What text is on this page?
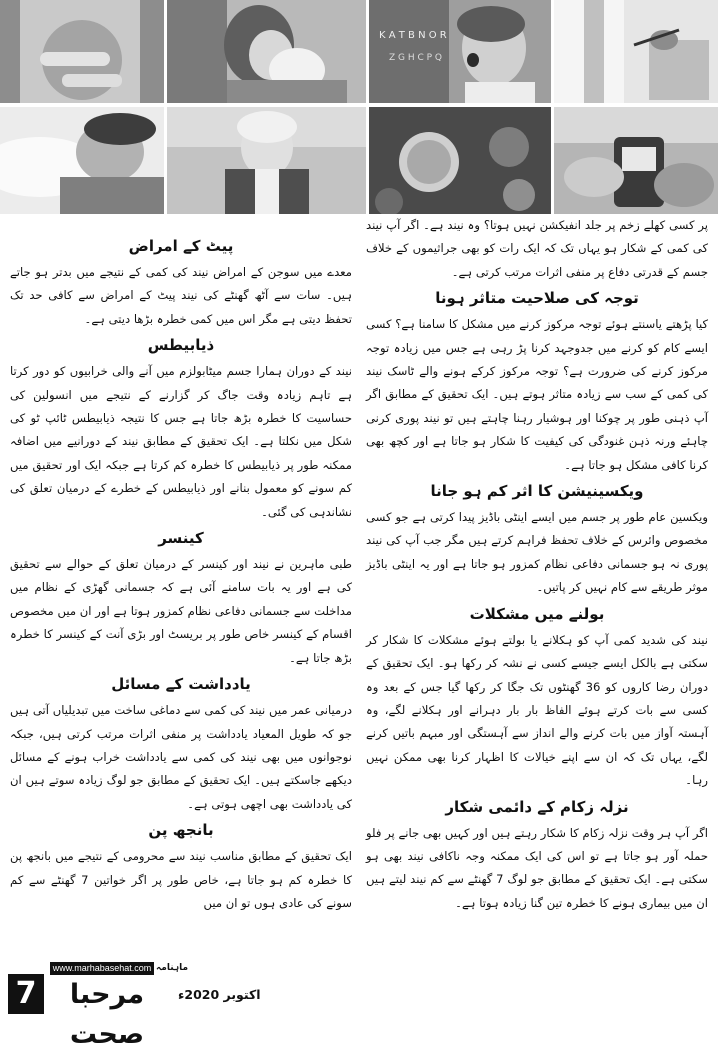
K A T B N O R
Z G H C P Q

پر کسی کھلے زخم پر جلد انفیکشن نہیں ہوتا؟ وہ نیند ہے۔ اگر آپ نیند کی کمی کے شکار ہو یہاں تک کہ ایک رات کو بھی جراثیموں کے خلاف جسم کے قدرتی دفاع پر منفی اثرات مرتب کرتی ہے۔

توجہ کی صلاحیت متاثر ہونا

کیا پڑھتے یاسنتے ہوئے توجہ مرکوز کرنے میں مشکل کا سامنا ہے؟ کسی ایسے کام کو کرنے میں جدوجہد کرنا پڑ رہی ہے جس میں زیادہ توجہ مرکوز کرنے کی ضرورت ہے؟ توجہ مرکوز کرکے ہونے والے ٹاسک نیند کی کمی کے سب سے زیادہ متاثر ہوتے ہیں۔ ایک تحقیق کے مطابق اگر آپ ذہنی طور پر چوکنا اور ہوشیار رہنا چاہتے ہیں تو نیند پوری کرنی چاہئے ورنہ ذہن غنودگی کی کیفیت کا شکار ہو جاتا ہے اور کچھ بھی کرنا کافی مشکل ہو جاتا ہے۔

ویکسینیشن کا اثر کم ہو جانا

ویکسین عام طور پر جسم میں ایسے اینٹی باڈیز پیدا کرتی ہے جو کسی مخصوص وائرس کے خلاف تحفظ فراہم کرتے ہیں مگر جب آپ کی نیند پوری نہ ہو جسمانی دفاعی نظام کمزور ہو جاتا ہے اور یہ اینٹی باڈیز موثر طریقے سے کام نہیں کر پاتیں۔

بولنے میں مشکلات

نیند کی شدید کمی آپ کو ہکلانے یا بولتے ہوئے مشکلات کا شکار کر سکتی ہے بالکل ایسے جیسے کسی نے نشہ کر رکھا ہو۔ ایک تحقیق کے دوران رضا کاروں کو 36 گھنٹوں تک جگا کر رکھا گیا جس کے بعد وہ کسی سے بات کرتے ہوئے الفاظ بار بار دہرانے اور ہکلانے لگے، وہ آہستہ آواز میں بات کرنے والے انداز سے آہستگی اور مبہم باتیں کرنے لگے، یہاں تک کہ ان سے اپنے خیالات کا اظہار کرنا بھی ممکن نہیں رہا۔

نزلہ زکام کے دائمی شکار

اگر آپ ہر وقت نزلہ زکام کا شکار رہتے ہیں اور کہیں بھی جانے پر فلو حملہ آور ہو جاتا ہے تو اس کی ایک ممکنہ وجہ ناکافی نیند بھی ہو سکتی ہے۔ ایک تحقیق کے مطابق جو لوگ 7 گھنٹے سے کم نیند لیتے ہیں ان میں بیماری ہونے کا خطرہ تین گنا زیادہ ہوتا ہے۔

پیٹ کے امراض

معدے میں سوجن کے امراض نیند کی کمی کے نتیجے میں بدتر ہو جاتے ہیں۔ سات سے آٹھ گھنٹے کی نیند پیٹ کے امراض سے کافی حد تک تحفظ دیتی ہے مگر اس میں کمی خطرہ بڑھا دیتی ہے۔

ذیابیطس

نیند کے دوران ہمارا جسم میٹابولزم میں آنے والی خرابیوں کو دور کرتا ہے تاہم زیادہ وقت جاگ کر گزارنے کے نتیجے میں انسولین کی حساسیت کا خطرہ بڑھ جاتا ہے جس کا نتیجہ ذیابیطس ٹائپ ٹو کی شکل میں نکلتا ہے۔ ایک تحقیق کے مطابق نیند کے دورانیے میں اضافہ ممکنہ طور پر ذیابیطس کا خطرہ کم کرتا ہے جبکہ ایک اور تحقیق میں کم سونے کو معمول بنانے اور ذیابیطس کے خطرے کے درمیان تعلق کی نشاندہی کی گئی۔

کینسر

طبی ماہرین نے نیند اور کینسر کے درمیان تعلق کے حوالے سے تحقیق کی ہے اور یہ بات سامنے آئی ہے کہ جسمانی گھڑی کے نظام میں مداخلت سے جسمانی دفاعی نظام کمزور ہوتا ہے اور ان میں مخصوص اقسام کے کینسر خاص طور پر بریسٹ اور بڑی آنت کے کینسر کا خطرہ بڑھ جاتا ہے۔

یادداشت کے مسائل

درمیانی عمر میں نیند کی کمی سے دماغی ساخت میں تبدیلیاں آتی ہیں جو کہ طویل المعیاد یادداشت پر منفی اثرات مرتب کرتی ہیں، جبکہ نوجوانوں میں بھی نیند کی کمی سے یادداشت خراب ہونے کے مسائل دیکھے جاسکتے ہیں۔ ایک تحقیق کے مطابق جو لوگ زیادہ سوتے ہیں ان کی یادداشت بھی اچھی ہوتی ہے۔

بانجھ پن

ایک تحقیق کے مطابق مناسب نیند سے محرومی کے نتیجے میں بانجھ پن کا خطرہ کم ہو جاتا ہے، خاص طور پر اگر خواتین 7 گھنٹے سے کم سونے کی عادی ہوں تو ان میں

7
www.marhabasehat.com ماہنامہ
مرحبا صحت
اکتوبر 2020ء
